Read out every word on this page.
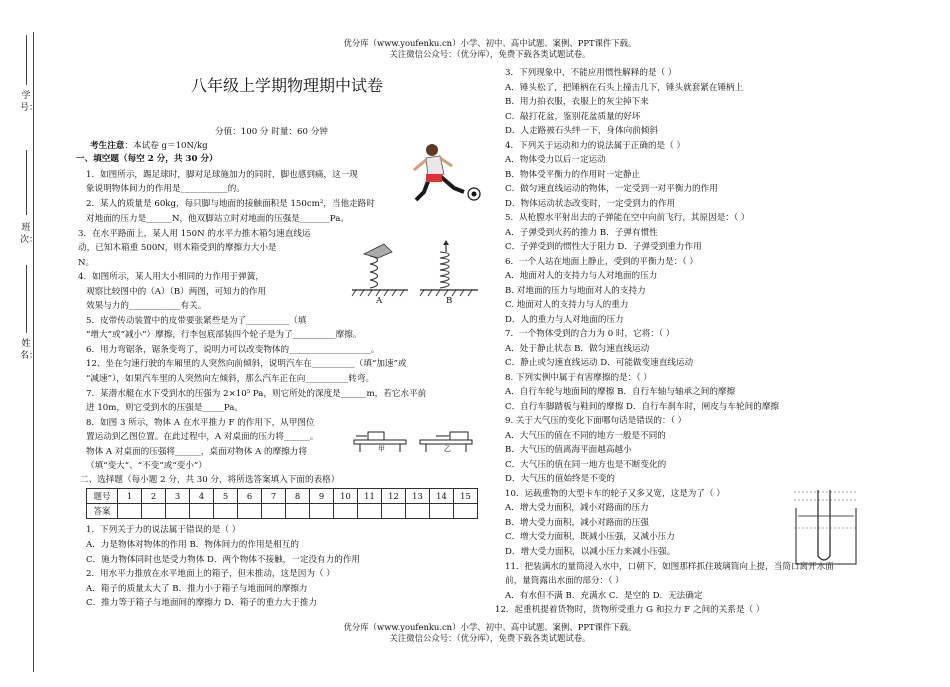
优分库（www.youfenku.cn）小学、初中、高中试题、案例、PPT课件下载。
关注微信公众号：（优分库），免费下载各类试题试卷。
优分库（www.youfenku.cn）小学、初中、高中试题、案例、PPT课件下载。
关注微信公众号：（优分库），免费下载各类试题试卷。
学号：
班次：
姓名：
八年级上学期物理期中试卷
分值：100 分 时量：60 分钟
考生注意：本试卷 g＝10N/kg
一、填空题（每空 2 分，共 30 分）
1．如图所示，踢足球时，脚对足球施加力的同时，脚也感到痛，这一现
象说明物体间力的作用是___________的。
2．某人的质量是 60kg，每只脚与地面的接触面积是 150cm²，当他走路时
对地面的压力是______N，他双脚站立时对地面的压强是_______Pa。
3．在水平路面上，某人用 150N 的水平力推木箱匀速直线运
动，已知木箱重 500N，则木箱受到的摩擦力大小是
N。
4．如图所示，某人用大小相同的力作用于弹簧，
观察比较图中的（A）（B）两图，可知力的作用
效果与力的____________有关。
5．皮带传动装置中的皮带要张紧些是为了__________（填
“增大”或“减小”）摩擦，行李包底部装四个轮子是为了__________摩擦。
6．用力弯锯条，锯条变弯了，说明力可以改变物体的___________________。
12、坐在匀速行驶的车厢里的人突然向前倾斜，说明汽车在__________（填“加速”或
“减速”），如果汽车里的人突然向左倾斜，那么汽车正在向__________转弯。
7．某潜水艇在水下受到水的压强为 2×10⁵ Pa，则它所处的深度是______m，若它水平前
进 10m，则它受到水的压强是_____Pa。
8．如图 3 所示，物体 A 在水平推力 F 的作用下，从甲图位
置运动到乙图位置。在此过程中，A 对桌面的压力将______。
物体 A 对桌面的压强将______，桌面对物体 A 的摩擦力将
（填“变大”、“不变”或“变小”）
二、选择题（每小题 2 分，共 30 分，将所选答案填入下面的表格）
题号	1	2	3	4	5	6	7	8	9	10	11	12	13	14	15
答案															
1．下列关于力的说法属于错误的是（ ）
A．力是物体对物体的作用 B．物体间力的作用是相互的
C．施力物体同时也是受力物体 D．两个物体不接触，一定没有力的作用
2．用水平力推放在水平地面上的箱子，但未推动，这是因为（ ）
A．箱子的质量太大了 B．推力小于箱子与地面间的摩擦力
C．推力等于箱子与地面间的摩擦力 D．箱子的重力大于推力
3．下列现象中，不能应用惯性解释的是（ ）
A．锤头松了，把锤柄在石头上撞击几下，锤头就套紧在锤柄上
B．用力拍衣服，衣服上的灰尘掉下来
C．敲打花盆，鉴别花盆质量的好坏
D．人走路被石头绊一下，身体向前倾斜
4．下列关于运动和力的说法属于正确的是（ ）
A．物体受力以后一定运动
B．物体受平衡力的作用时一定静止
C．做匀速直线运动的物体，一定受到一对平衡力的作用
D．物体运动状态改变时，一定受到力的作用
5．从枪膛水平射出去的子弹能在空中向前飞行，其原因是：（ ）
A．子弹受到火药的推力 B．子弹有惯性
C．子弹受到的惯性大于阻力 D．子弹受到重力作用
6．一个人站在地面上静止，受到的平衡力是：（ ）
A．地面对人的支持力与人对地面的压力
B. 对地面的压力与地面对人的支持力
C. 地面对人的支持力与人的重力
D．人的重力与人对地面的压力
7．一个物体受到的合力为 0 时，它将：（ ）
A．处于静止状态 B．做匀速直线运动
C．静止或匀速直线运动 D．可能做变速直线运动
8. 下列实例中属于有害摩擦的是：（ ）
A．自行车轮与地面间的摩擦 B．自行车轴与轴承之间的摩擦
C．自行车脚踏板与鞋间的摩擦 D．自行车刹车时，闸皮与车轮间的摩擦
9. 关于大气压的变化下面哪句话是错误的：（ ）
A．大气压的值在不同的地方一般是不同的
B．大气压的值离海平面越高越小
C．大气压的值在同一地方也是不断变化的
D．大气压的值始终是不变的
10．运载重物的大型卡车的轮子又多又宽，这是为了（ ）
A．增大受力面积，减小对路面的压力
B．增大受力面积，减小对路面的压强
C．增大受力面积，既减小压强，又减小压力
D．增大受力面积，以减小压力来减小压强。
11．把装满水的量筒浸入水中，口朝下，如图那样抓住玻璃筒向上提，当筒口离开水面
前，量筒露出水面的部分：（ ）
A．有水但不满 B．充满水 C．是空的 D．无法确定
12．起重机提着货物时，货物所受重力 G 和拉力 F 之间的关系是（ ）
A	B
甲	乙
